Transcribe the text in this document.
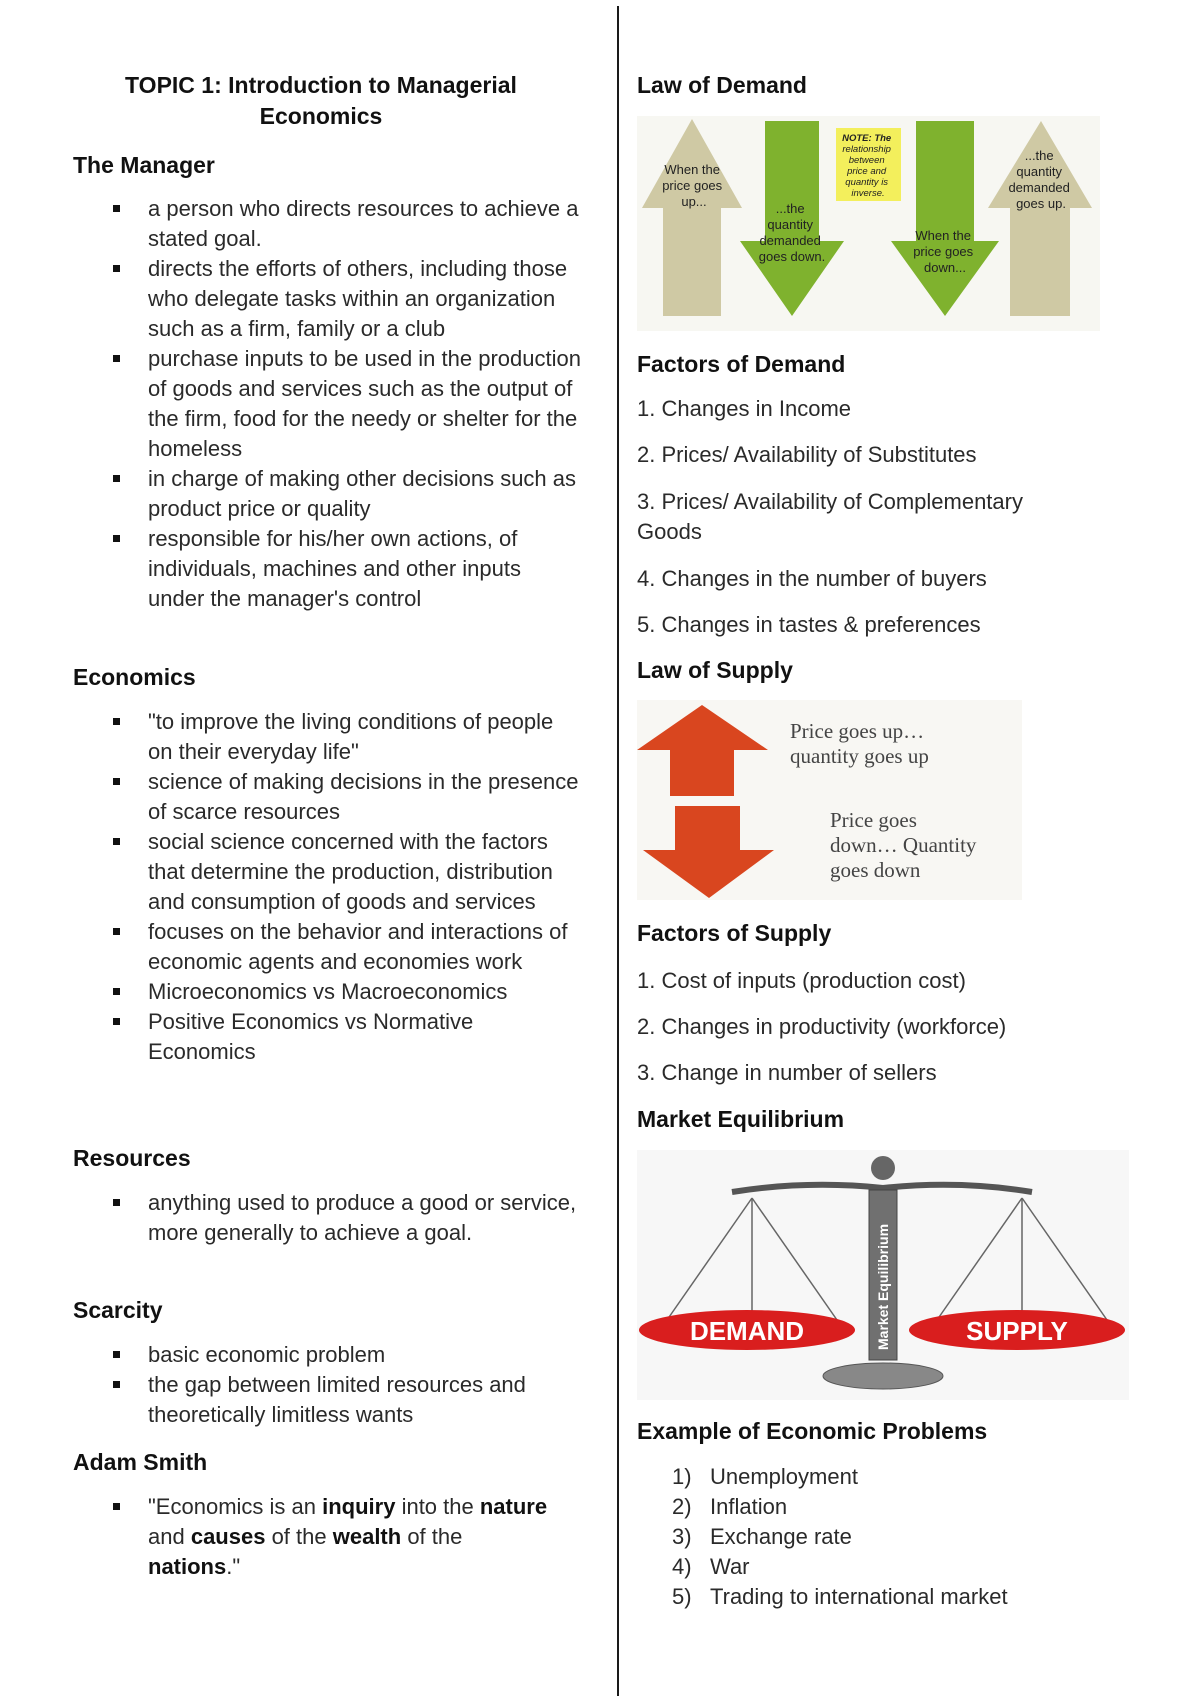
TOPIC 1: Introduction to Managerial Economics
The Manager
a person who directs resources to achieve a stated goal.
directs the efforts of others, including those who delegate tasks within an organization such as a firm, family or a club
purchase inputs to be used in the production of goods and services such as the output of the firm, food for the needy or shelter for the homeless
in charge of making other decisions such as product price or quality
responsible for his/her own actions, of individuals, machines and other inputs under the manager's control
Economics
"to improve the living conditions of people on their everyday life"
science of making decisions in the presence of scarce resources
social science concerned with the factors that determine the production, distribution and consumption of goods and services
focuses on the behavior and interactions of economic agents and economies work
Microeconomics vs Macroeconomics
Positive Economics vs Normative Economics
Resources
anything used to produce a good or service, more generally to achieve a goal.
Scarcity
basic economic problem
the gap between limited resources and theoretically limitless wants
Adam Smith
"Economics is an inquiry into the nature and causes of the wealth of the nations."
Law of Demand
When the price goes up...	...the quantity demanded goes down.
NOTE: The relationship between price and quantity is inverse.
When the price goes down...
...the quantity demanded goes up.
Factors of Demand
1. Changes in Income
2. Prices/ Availability of Substitutes
3. Prices/ Availability of Complementary Goods
4. Changes in the number of buyers
5. Changes in tastes & preferences
Law of Supply
Price goes up… quantity goes up
Price goes down… Quantity goes down
Factors of Supply
1. Cost of inputs (production cost)
2. Changes in productivity (workforce)
3. Change in number of sellers
Market Equilibrium
Market Equilibrium
DEMAND	SUPPLY
Example of Economic Problems
1) Unemployment
2) Inflation
3) Exchange rate
4) War
5) Trading to international market
